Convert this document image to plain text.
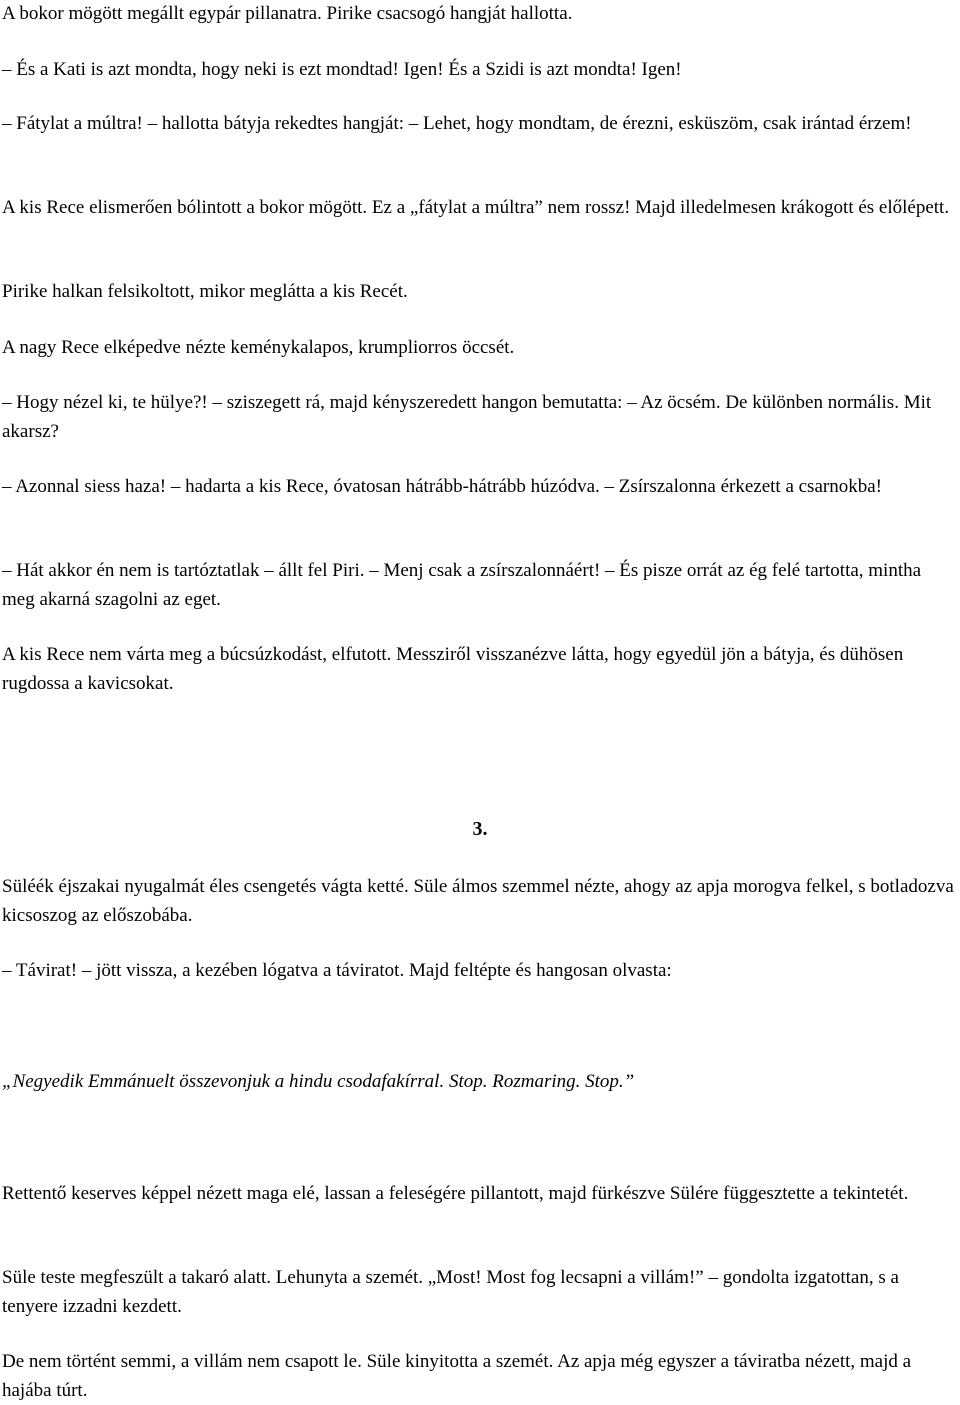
A bokor mögött megállt egypár pillanatra. Pirike csacsogó hangját hallotta.

– És a Kati is azt mondta, hogy neki is ezt mondtad! Igen! És a Szidi is azt mondta! Igen!

– Fátylat a múltra! – hallotta bátyja rekedtes hangját: – Lehet, hogy mondtam, de érezni, esküszöm, csak irántad érzem!

A kis Rece elismerően bólintott a bokor mögött. Ez a „fátylat a múltra” nem rossz! Majd illedelmesen krákogott és előlépett.

Pirike halkan felsikoltott, mikor meglátta a kis Recét.

A nagy Rece elképedve nézte keménykalapos, krumpliorros öccsét.

– Hogy nézel ki, te hülye?! – sziszegett rá, majd kényszeredett hangon bemutatta: – Az öcsém. De különben normális. Mit akarsz?

– Azonnal siess haza! – hadarta a kis Rece, óvatosan hátrább-hátrább húzódva. – Zsírszalonna érkezett a csarnokba!

– Hát akkor én nem is tartóztatlak – állt fel Piri. – Menj csak a zsírszalonnáért! – És pisze orrát az ég felé tartotta, mintha meg akarná szagolni az eget.

A kis Rece nem várta meg a búcsúzkodást, elfutott. Messziről visszanézve látta, hogy egyedül jön a bátyja, és dühösen rugdossa a kavicsokat.

3.

Süléék éjszakai nyugalmát éles csengetés vágta ketté. Süle álmos szemmel nézte, ahogy az apja morogva felkel, s botladozva kicsoszog az előszobába.

– Távirat! – jött vissza, a kezében lógatva a táviratot. Majd feltépte és hangosan olvasta:

„Negyedik Emmánuelt összevonjuk a hindu csodafakírral. Stop. Rozmaring. Stop.”

Rettentő keserves képpel nézett maga elé, lassan a feleségére pillantott, majd fürkészve Sülére függesztette a tekintetét.

Süle teste megfeszült a takaró alatt. Lehunyta a szemét. „Most! Most fog lecsapni a villám!” – gondolta izgatottan, s a tenyere izzadni kezdett.

De nem történt semmi, a villám nem csapott le. Süle kinyitotta a szemét. Az apja még egyszer a táviratba nézett, majd a hajába túrt.
